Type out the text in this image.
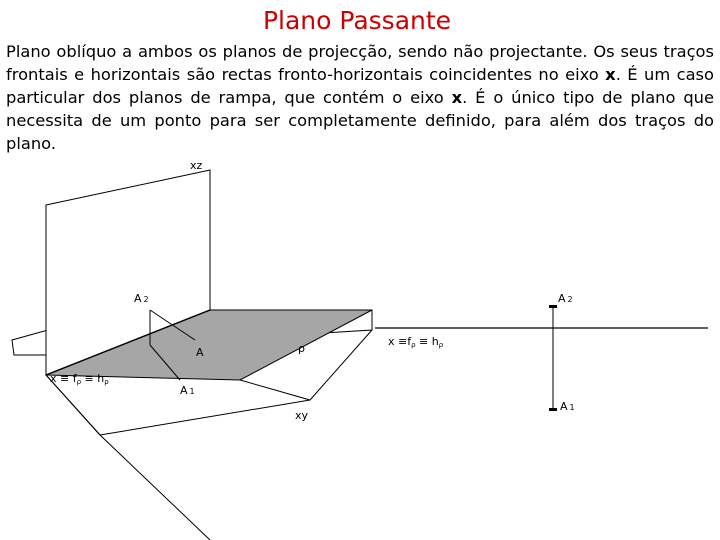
Plano Passante

Plano oblíquo a ambos os planos de projecção, sendo não projectante. Os seus traços frontais e horizontais são rectas fronto-horizontais coincidentes no eixo x. É um caso particular dos planos de rampa, que contém o eixo x. É o único tipo de plano que necessita de um ponto para ser completamente definido, para além dos traços do plano.

xz
xy
A 2
A
A 1
ρ
x ≡ fρ ≡ hρ
A 2
A 1
x ≡fρ ≡ hρ
